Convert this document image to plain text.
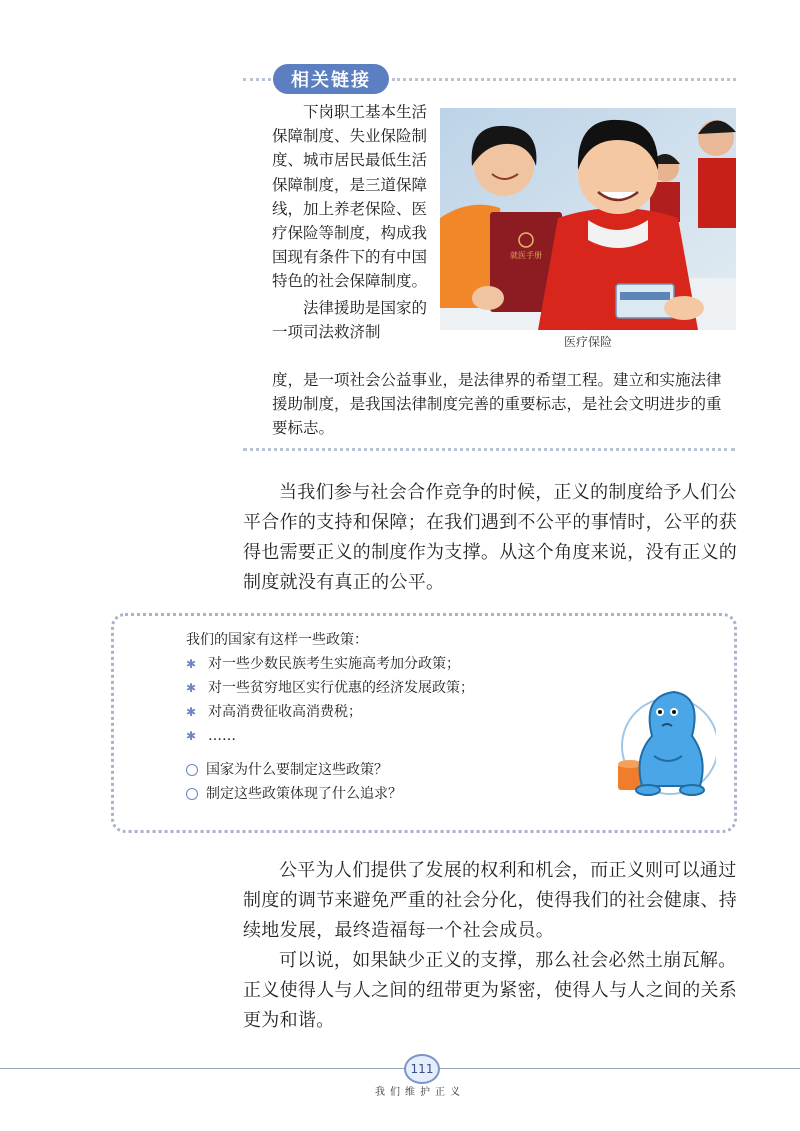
相关链接

下岗职工基本生活保障制度、失业保险制度、城市居民最低生活保障制度，是三道保障线，加上养老保险、医疗保险等制度，构成我国现有条件下的有中国特色的社会保障制度。

法律援助是国家的一项司法救济制

度，是一项社会公益事业，是法律界的希望工程。建立和实施法律援助制度，是我国法律制度完善的重要标志，是社会文明进步的重要标志。
就医手册
医疗保险

当我们参与社会合作竞争的时候，正义的制度给予人们公平合作的支持和保障；在我们遇到不公平的事情时，公平的获得也需要正义的制度作为支撑。从这个角度来说，没有正义的制度就没有真正的公平。

我们的国家有这样一些政策：
✱ 对一些少数民族考生实施高考加分政策；
✱ 对一些贫穷地区实行优惠的经济发展政策；
✱ 对高消费征收高消费税；
✱ ……
国家为什么要制定这些政策？
制定这些政策体现了什么追求？

公平为人们提供了发展的权利和机会，而正义则可以通过制度的调节来避免严重的社会分化，使得我们的社会健康、持续地发展，最终造福每一个社会成员。

可以说，如果缺少正义的支撑，那么社会必然土崩瓦解。正义使得人与人之间的纽带更为紧密，使得人与人之间的关系更为和谐。

111
我们维护正义
